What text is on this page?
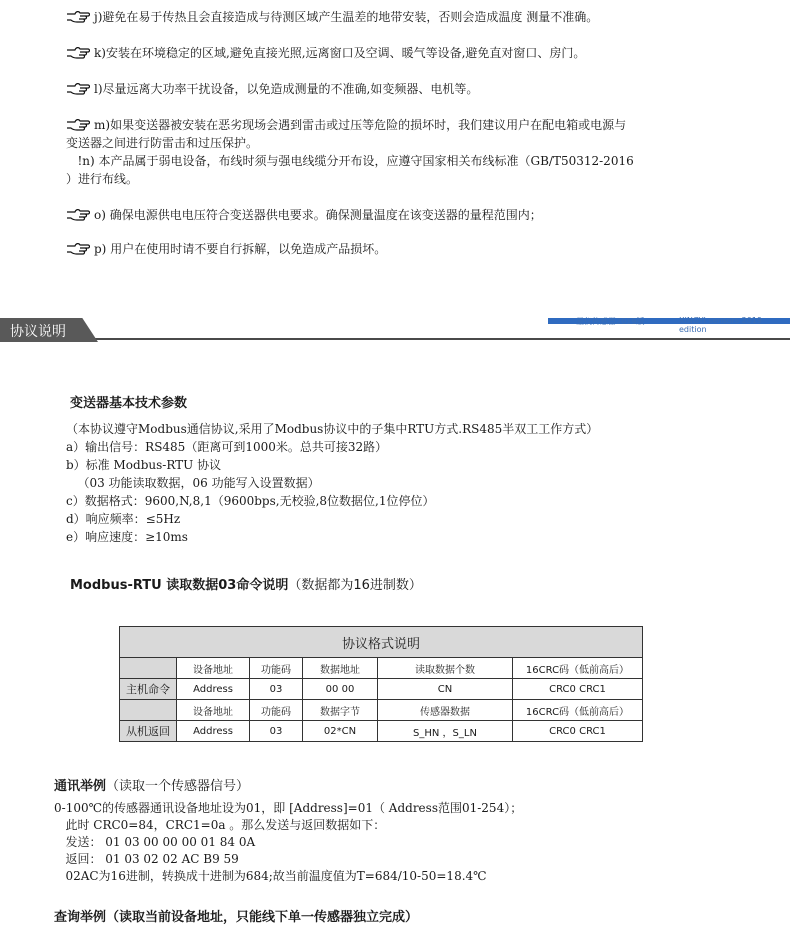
j)避免在易于传热且会直接造成与待测区域产生温差的地带安装，否则会造成温度 测量不准确。
k)安装在环境稳定的区域,避免直接光照,远离窗口及空调、暖气等设备,避免直对窗口、房门。
l)尽量远离大功率干扰设备，以免造成测量的不准确,如变频器、电机等。
m)如果变送器被安装在恶劣现场会遇到雷击或过压等危险的损坏时，我们建议用户在配电箱或电源与
变送器之间进行防雷击和过压保护。
!n) 本产品属于弱电设备，布线时须与强电线缆分开布设，应遵守国家相关布线标准（GB/T50312-2016
）进行布线。
o) 确保电源供电电压符合变送器供电要求。确保测量温度在该变送器的量程范围内；
p) 用户在使用时请不要自行拆解，以免造成产品损坏。
协议说明
星仪传感器2019版	XINGYI sensors 2019 edition
变送器基本技术参数
（本协议遵守Modbus通信协议,采用了Modbus协议中的子集中RTU方式.RS485半双工工作方式）
a）输出信号：RS485（距离可到1000米。总共可接32路）
b）标准 Modbus-RTU 协议
（03 功能读取数据，06 功能写入设置数据）
c）数据格式：9600,N,8,1（9600bps,无校验,8位数据位,1位停位）
d）响应频率：≤5Hz
e）响应速度：≥10ms
Modbus-RTU 读取数据03命令说明（数据都为16进制数）
协议格式说明					
	设备地址	功能码	数据地址	读取数据个数	16CRC码（低前高后）
主机命令	Address	03	00 00	CN	CRC0 CRC1
	设备地址	功能码	数据字节	传感器数据	16CRC码（低前高后）
从机返回	Address	03	02*CN	S_HN ，S_LN	CRC0 CRC1
通讯举例（读取一个传感器信号）
0-100℃的传感器通讯设备地址设为01，即 [Address]=01（ Address范围01-254）；
此时 CRC0=84，CRC1=0a 。那么发送与返回数据如下：
发送： 01 03 00 00 00 01 84 0A
返回： 01 03 02 02 AC B9 59
02AC为16进制，转换成十进制为684;故当前温度值为T=684/10-50=18.4℃
查询举例（读取当前设备地址，只能线下单一传感器独立完成）
